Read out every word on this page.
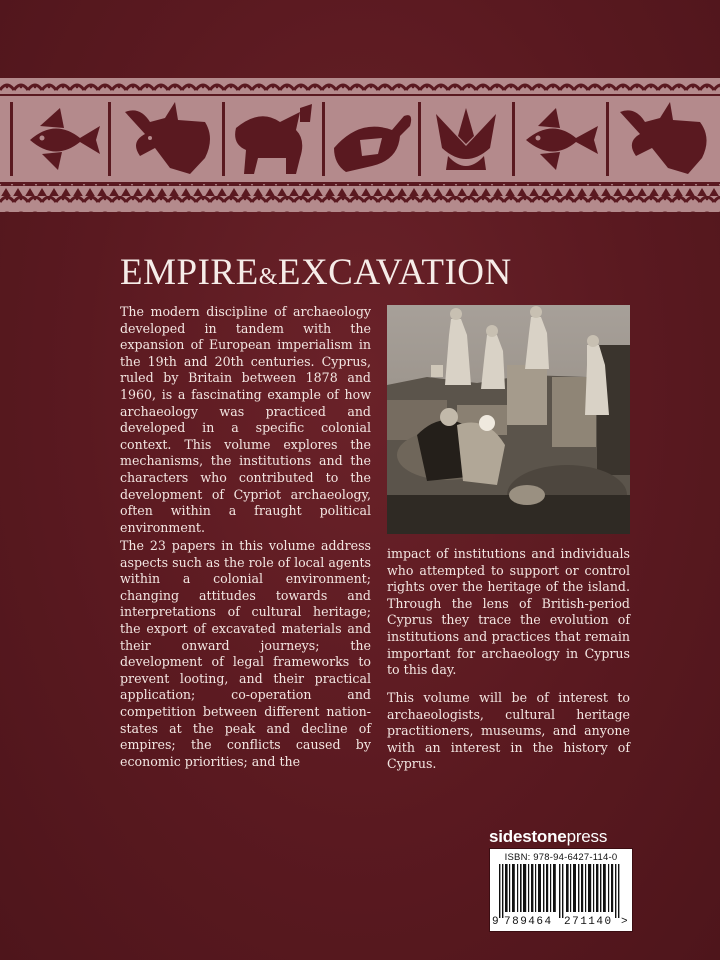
EMPIRE&EXCAVATION

The modern discipline of archaeology developed in tandem with the expansion of European imperialism in the 19th and 20th centuries. Cyprus, ruled by Britain between 1878 and 1960, is a fascinating example of how archaeology was practiced and developed in a specific colonial context. This volume explores the mechanisms, the institutions and the characters who contributed to the development of Cypriot archaeology, often within a fraught political environment.

The 23 papers in this volume address aspects such as the role of local agents within a colonial environment; changing attitudes towards and interpretations of cultural heritage; the export of excavated materials and their onward journeys; the development of legal frameworks to prevent looting, and their practical application; co-operation and competition between different nation-states at the peak and decline of empires; the conflicts caused by economic priorities; and the

impact of institutions and individuals who attempted to support or control rights over the heritage of the island. Through the lens of British-period Cyprus they trace the evolution of institutions and practices that remain important for archaeology in Cyprus to this day.

This volume will be of interest to archaeologists, cultural heritage practitioners, museums, and anyone with an interest in the history of Cyprus.

sidestonepress
ISBN: 978-94-6427-114-0
9 789464 271140 >
